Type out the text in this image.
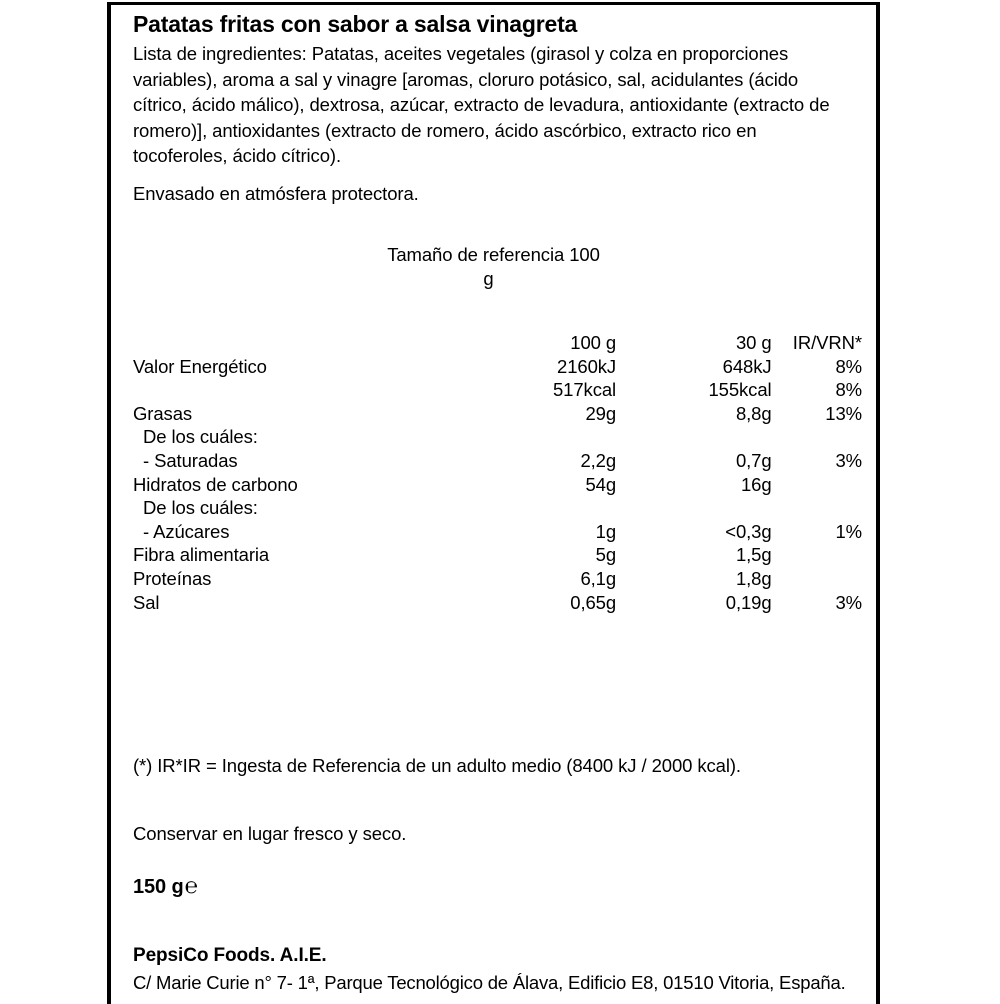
Patatas fritas con sabor a salsa vinagreta

Lista de ingredientes: Patatas, aceites vegetales (girasol y colza en proporciones variables), aroma a sal y vinagre [aromas, cloruro potásico, sal, acidulantes (ácido cítrico, ácido málico), dextrosa, azúcar, extracto de levadura, antioxidante (extracto de romero)], antioxidantes (extracto de romero, ácido ascórbico, extracto rico en tocoferoles, ácido cítrico).

Envasado en atmósfera protectora.

Tamaño de referencia 100
g
	100 g	30 g	IR/VRN*
Valor Energético	2160kJ	648kJ	8%
	517kcal	155kcal	8%
Grasas	29g	8,8g	13%
De los cuáles:			
- Saturadas	2,2g	0,7g	3%
Hidratos de carbono	54g	16g	
De los cuáles:			
- Azúcares	1g	<0,3g	1%
Fibra alimentaria	5g	1,5g	
Proteínas	6,1g	1,8g	
Sal	0,65g	0,19g	3%

(*) IR*IR = Ingesta de Referencia de un adulto medio (8400 kJ / 2000 kcal).

Conservar en lugar fresco y seco.

150 g℮

PepsiCo Foods. A.I.E.

C/ Marie Curie n° 7- 1ª, Parque Tecnológico de Álava, Edificio E8, 01510 Vitoria, España.
